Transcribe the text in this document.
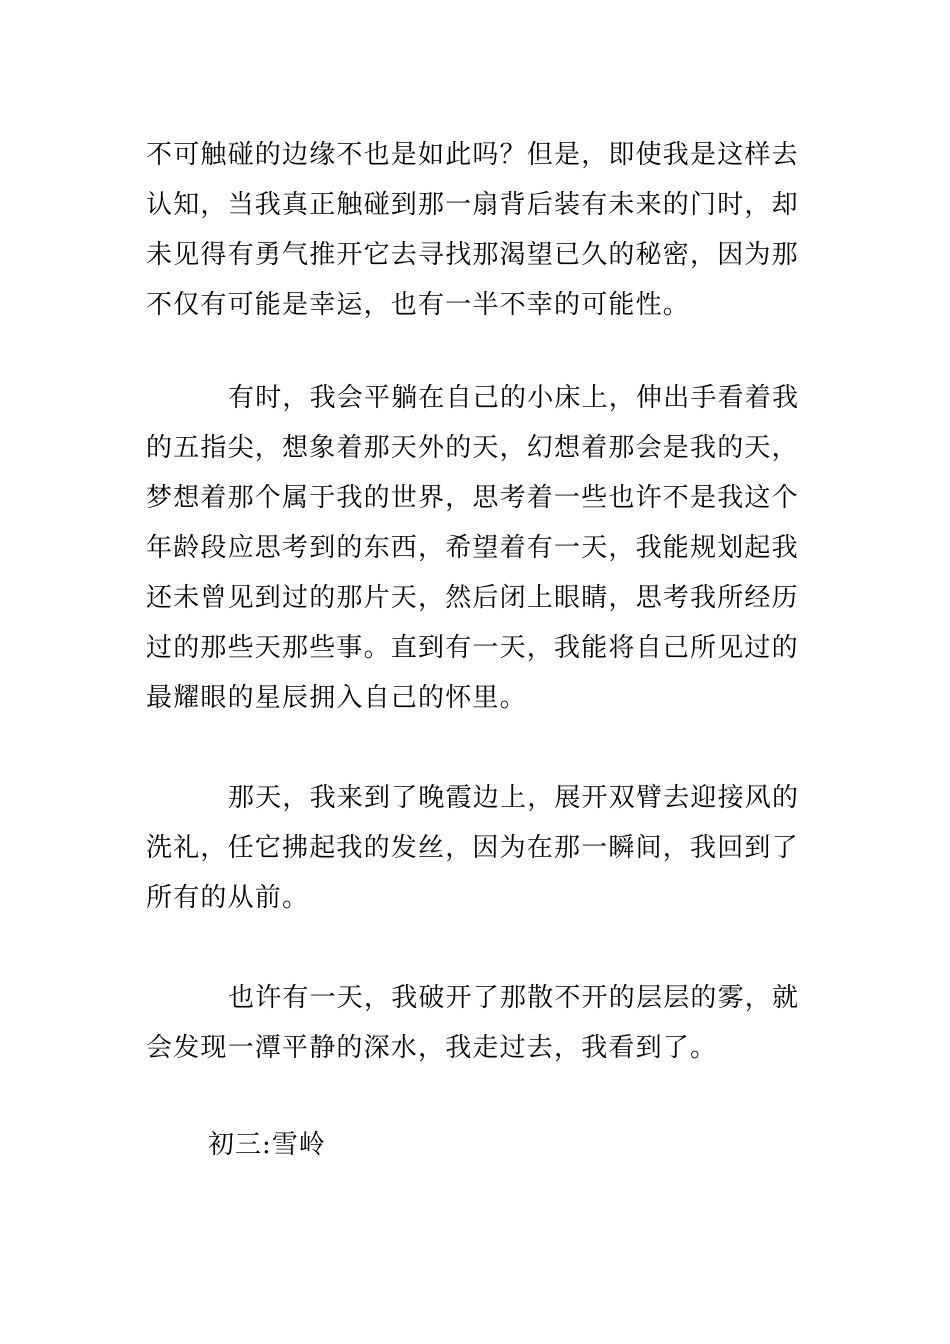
不可触碰的边缘不也是如此吗？但是，即使我是这样去认知，当我真正触碰到那一扇背后装有未来的门时，却未见得有勇气推开它去寻找那渴望已久的秘密，因为那不仅有可能是幸运，也有一半不幸的可能性。

有时，我会平躺在自己的小床上，伸出手看着我的五指尖，想象着那天外的天，幻想着那会是我的天，梦想着那个属于我的世界，思考着一些也许不是我这个年龄段应思考到的东西，希望着有一天，我能规划起我还未曾见到过的那片天，然后闭上眼睛，思考我所经历过的那些天那些事。直到有一天，我能将自己所见过的最耀眼的星辰拥入自己的怀里。

那天，我来到了晚霞边上，展开双臂去迎接风的洗礼，任它拂起我的发丝，因为在那一瞬间，我回到了所有的从前。

也许有一天，我破开了那散不开的层层的雾，就会发现一潭平静的深水，我走过去，我看到了。

初三:雪岭
